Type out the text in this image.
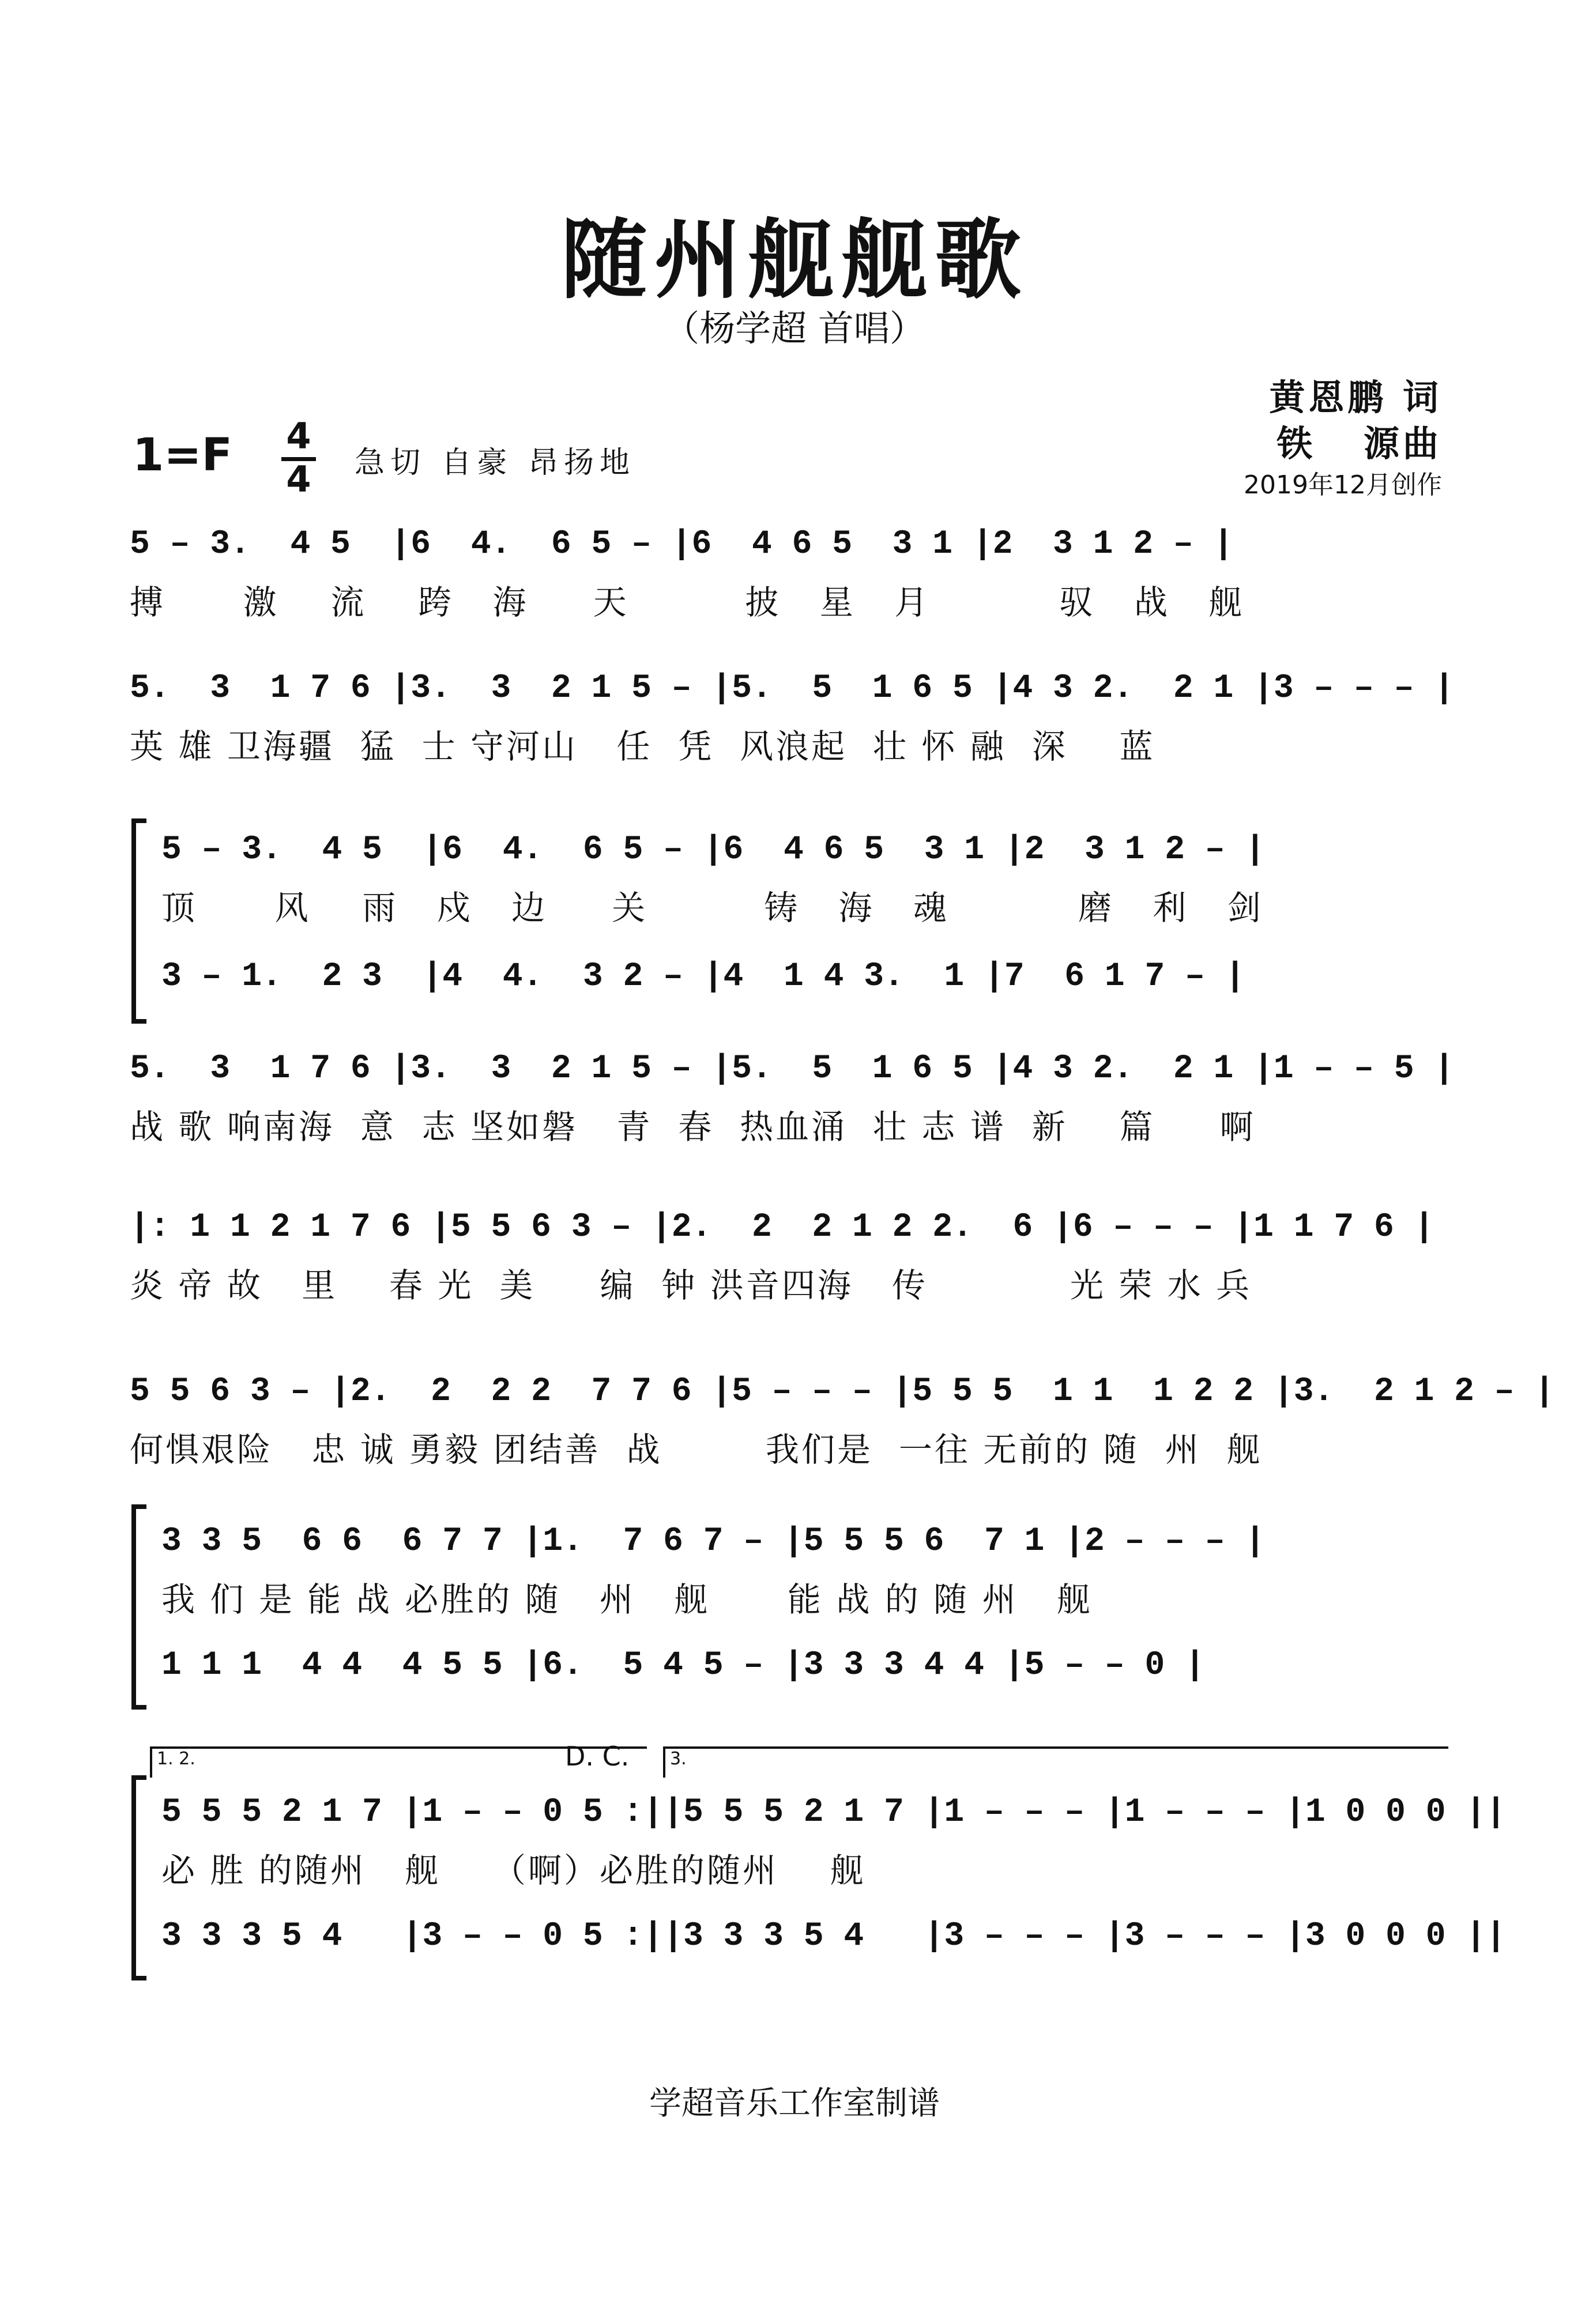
随州舰舰歌
（杨学超 首唱）
黄恩鹏 词
铁   源曲
2019年12月创作
1=F 4
4 急切 自豪 昂扬地
5 – 3.  4 5  |6  4.  6 5 – |6  4 6 5  3 1 |2  3 1 2 – |
搏      激    流    跨   海     天         披   星   月          驭   战   舰
5.  3  1 7 6 |3.  3  2 1 5 – |5.  5  1 6 5 |4 3 2.  2 1 |3 – – – |
英 雄 卫海疆  猛  士 守河山   任  凭  风浪起  壮 怀 融  深    蓝
5 – 3.  4 5  |6  4.  6 5 – |6  4 6 5  3 1 |2  3 1 2 – |
顶      风    雨   戍   边     关         铸   海   魂          磨   利   剑
3 – 1.  2 3  |4  4.  3 2 – |4  1 4 3.  1 |7  6 1 7 – |
5.  3  1 7 6 |3.  3  2 1 5 – |5.  5  1 6 5 |4 3 2.  2 1 |1 – – 5 |
战 歌 响南海  意  志 坚如磐   青  春  热血涌  壮 志 谱  新    篇     啊
|: 1 1 2 1 7 6 |5 5 6 3 – |2.  2  2 1 2 2.  6 |6 – – – |1 1 7 6 |
炎 帝 故   里    春 光  美     编  钟 洪音四海   传           光 荣 水 兵
5 5 6 3 – |2.  2  2 2  7 7 6 |5 – – – |5 5 5  1 1  1 2 2 |3.  2 1 2 – |
何惧艰险   忠 诚 勇毅 团结善  战        我们是  一往 无前的 随  州  舰
3 3 5  6 6  6 7 7 |1.  7 6 7 – |5 5 5 6  7 1 |2 – – – |
我 们 是 能 战 必胜的 随   州   舰      能 战 的 随 州   舰
1 1 1  4 4  4 5 5 |6.  5 4 5 – |3 3 3 4 4 |5 – – 0 |
1. 2.	3.
D. C.
5 5 5 2 1 7 |1 – – 0 5 :||5 5 5 2 1 7 |1 – – – |1 – – – |1 0 0 0 ||
必 胜 的随州   舰    （啊）必胜的随州    舰
3 3 3 5 4   |3 – – 0 5 :||3 3 3 5 4   |3 – – – |3 – – – |3 0 0 0 ||
学超音乐工作室制谱
